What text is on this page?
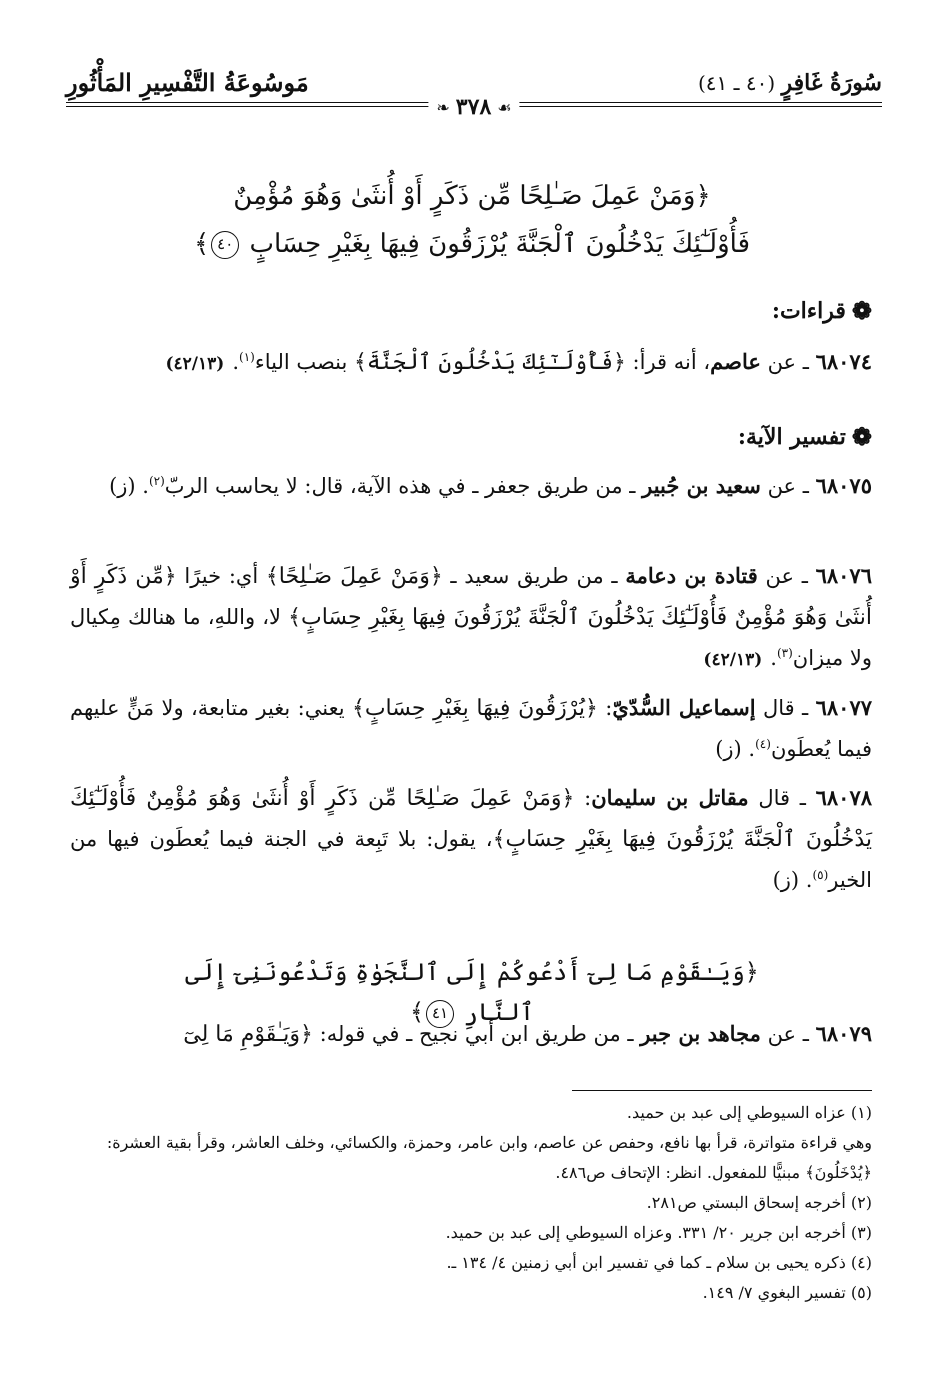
سُورَةُ غَافِرٍ (٤٠ ـ ٤١)
مَوسُوعَةُ التَّفْسِيرِ المَأْثُورِ
❧ ٣٧٨ ☙
﴿وَمَنْ عَمِلَ صَـٰلِحًا مِّن ذَكَرٍ أَوْ أُنثَىٰ وَهُوَ مُؤْمِنٌ
فَأُوْلَـٰٓئِكَ يَدْخُلُونَ ٱلْجَنَّةَ يُرْزَقُونَ فِيهَا بِغَيْرِ حِسَابٍ ٤٠﴾
❁
قراءات:
٦٨٠٧٤ ـ عن عاصم، أنه قرأ: ﴿فَأُوْلَـٰٓئِكَ يَدْخُلُونَ ٱلْجَنَّةَ﴾ بنصب الياء$^{(١)}$.(٤٢/١٣)
❁
تفسير الآية:
٦٨٠٧٥ ـ عن سعيد بن جُبير ـ من طريق جعفر ـ في هذه الآية، قال: لا يحاسب الربّ$^{(٢)}$. (ز)
٦٨٠٧٦ ـ عن قتادة بن دعامة ـ من طريق سعيد ـ ﴿وَمَنْ عَمِلَ صَـٰلِحًا﴾ أي: خيرًا ﴿مِّن ذَكَرٍ أَوْ أُنثَىٰ وَهُوَ مُؤْمِنٌ فَأُوْلَـٰٓئِكَ يَدْخُلُونَ ٱلْجَنَّةَ يُرْزَقُونَ فِيهَا بِغَيْرِ حِسَابٍ﴾ لا، واللهِ، ما هنالك مِكيال ولا ميزان$^{(٣)}$.(٤٢/١٣)
٦٨٠٧٧ ـ قال إسماعيل السُّدّيّ: ﴿يُرْزَقُونَ فِيهَا بِغَيْرِ حِسَابٍ﴾ يعني: بغير متابعة، ولا مَنٍّ عليهم فيما يُعطَون$^{(٤)}$. (ز)
٦٨٠٧٨ ـ قال مقاتل بن سليمان: ﴿وَمَنْ عَمِلَ صَـٰلِحًا مِّن ذَكَرٍ أَوْ أُنثَىٰ وَهُوَ مُؤْمِنٌ فَأُوْلَـٰٓئِكَ يَدْخُلُونَ ٱلْجَنَّةَ يُرْزَقُونَ فِيهَا بِغَيْرِ حِسَابٍ﴾، يقول: بلا تَبِعة في الجنة فيما يُعطَون فيها من الخير$^{(٥)}$. (ز)
﴿وَيَـٰقَوْمِ مَا لِىٓ أَدْعُوكُمْ إِلَى ٱلنَّجَوٰةِ وَتَدْعُونَنِىٓ إِلَى ٱلنَّارِ ٤١﴾
٦٨٠٧٩ ـ عن مجاهد بن جبر ـ من طريق ابن أبي نجيح ـ في قوله: ﴿وَيَـٰقَوْمِ مَا لِىٓ

(١) عزاه السيوطي إلى عبد بن حميد.

وهي قراءة متواترة، قرأ بها نافع، وحفص عن عاصم، وابن عامر، وحمزة، والكسائي، وخلف العاشر، وقرأ بقية العشرة: ﴿يُدْخَلُونَ﴾ مبنيًّا للمفعول. انظر: الإتحاف ص٤٨٦.

(٢) أخرجه إسحاق البستي ص٢٨١.

(٣) أخرجه ابن جرير ٢٠/ ٣٣١. وعزاه السيوطي إلى عبد بن حميد.

(٤) ذكره يحيى بن سلام ـ كما في تفسير ابن أبي زمنين ٤/ ١٣٤ ـ.

(٥) تفسير البغوي ٧/ ١٤٩.
